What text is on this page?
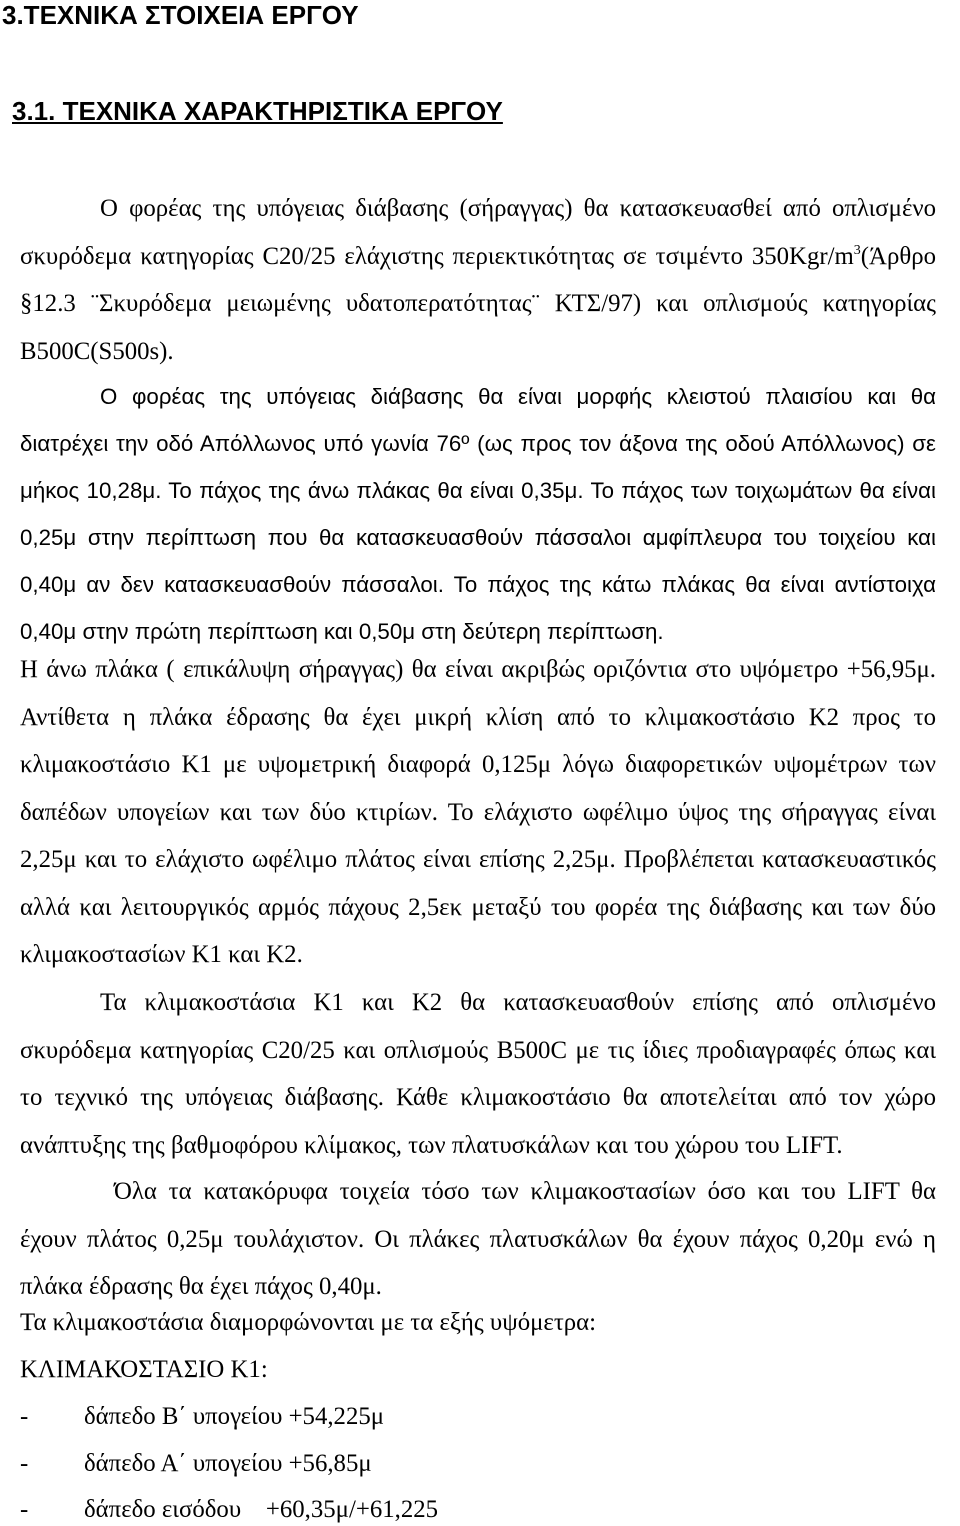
3.ΤΕΧΝΙΚΑ ΣΤΟΙΧΕΙΑ ΕΡΓΟΥ
3.1. ΤΕΧΝΙΚΑ ΧΑΡΑΚΤΗΡΙΣΤΙΚΑ ΕΡΓΟΥ

Ο φορέας της υπόγειας διάβασης (σήραγγας) θα κατασκευασθεί από οπλισμένο σκυρόδεμα κατηγορίας C20/25 ελάχιστης περιεκτικότητας σε τσιμέντο $350Kgr/m^3(Ά\rho\theta\rho o$ §12.3 ¨Σκυρόδεμα μειωμένης υδατοπερατότητας¨ ΚΤΣ/97) και οπλισμούς κατηγορίας B500C(S500s).

Ο φορέας της υπόγειας διάβασης θα είναι μορφής κλειστού πλαισίου και θα διατρέχει την οδό Απόλλωνος υπό γωνία 76º (ως προς τον άξονα της οδού Απόλλωνος) σε μήκος 10,28μ. Το πάχος της άνω πλάκας θα είναι 0,35μ. Το πάχος των τοιχωμάτων θα είναι 0,25μ στην περίπτωση που θα κατασκευασθούν πάσσαλοι αμφίπλευρα του τοιχείου και 0,40μ αν δεν κατασκευασθούν πάσσαλοι. Το πάχος της κάτω πλάκας θα είναι αντίστοιχα 0,40μ στην πρώτη περίπτωση και 0,50μ στη δεύτερη περίπτωση.

Η άνω πλάκα ( επικάλυψη σήραγγας) θα είναι ακριβώς οριζόντια στο υψόμετρο +56,95μ. Αντίθετα η πλάκα έδρασης θα έχει μικρή κλίση από το κλιμακοστάσιο Κ2 προς το κλιμακοστάσιο Κ1 με υψομετρική διαφορά 0,125μ λόγω διαφορετικών υψομέτρων των δαπέδων υπογείων και των δύο κτιρίων. Το ελάχιστο ωφέλιμο ύψος της σήραγγας είναι 2,25μ και το ελάχιστο ωφέλιμο πλάτος είναι επίσης 2,25μ. Προβλέπεται κατασκευαστικός αλλά και λειτουργικός αρμός πάχους 2,5εκ μεταξύ του φορέα της διάβασης και των δύο κλιμακοστασίων Κ1 και Κ2.

Τα κλιμακοστάσια Κ1 και Κ2 θα κατασκευασθούν επίσης από οπλισμένο σκυρόδεμα κατηγορίας C20/25 και οπλισμούς B500C με τις ίδιες προδιαγραφές όπως και το τεχνικό της υπόγειας διάβασης. Κάθε κλιμακοστάσιο θα αποτελείται από τον χώρο ανάπτυξης της βαθμοφόρου κλίμακος, των πλατυσκάλων και του χώρου του LIFT.

Όλα τα κατακόρυφα τοιχεία τόσο των κλιμακοστασίων όσο και του LIFT θα έχουν πλάτος 0,25μ τουλάχιστον. Οι πλάκες πλατυσκάλων θα έχουν πάχος 0,20μ ενώ η πλάκα έδρασης θα έχει πάχος 0,40μ.

Τα κλιμακοστάσια διαμορφώνονται με τα εξής υψόμετρα:

ΚΛΙΜΑΚΟΣΤΑΣΙΟ Κ1:

- δάπεδο Β΄ υπογείου +54,225μ
- δάπεδο Α΄ υπογείου +56,85μ
- δάπεδο εισόδου    +60,35μ/+61,225
